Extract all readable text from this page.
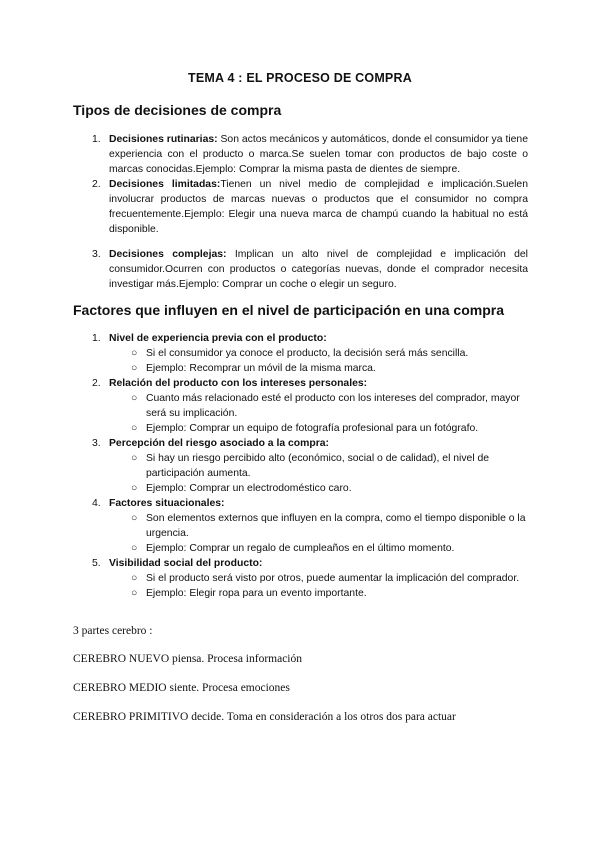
TEMA 4 : EL PROCESO DE COMPRA
Tipos de decisiones de compra
1. Decisiones rutinarias: Son actos mecánicos y automáticos, donde el consumidor ya tiene experiencia con el producto o marca.Se suelen tomar con productos de bajo coste o marcas conocidas.Ejemplo: Comprar la misma pasta de dientes de siempre.
2. Decisiones limitadas:Tienen un nivel medio de complejidad e implicación.Suelen involucrar productos de marcas nuevas o productos que el consumidor no compra frecuentemente.Ejemplo: Elegir una nueva marca de champú cuando la habitual no está disponible.
3. Decisiones complejas: Implican un alto nivel de complejidad e implicación del consumidor.Ocurren con productos o categorías nuevas, donde el comprador necesita investigar más.Ejemplo: Comprar un coche o elegir un seguro.
Factores que influyen en el nivel de participación en una compra
1. Nivel de experiencia previa con el producto:
○ Si el consumidor ya conoce el producto, la decisión será más sencilla.
○ Ejemplo: Recomprar un móvil de la misma marca.
2. Relación del producto con los intereses personales:
○ Cuanto más relacionado esté el producto con los intereses del comprador, mayor será su implicación.
○ Ejemplo: Comprar un equipo de fotografía profesional para un fotógrafo.
3. Percepción del riesgo asociado a la compra:
○ Si hay un riesgo percibido alto (económico, social o de calidad), el nivel de participación aumenta.
○ Ejemplo: Comprar un electrodoméstico caro.
4. Factores situacionales:
○ Son elementos externos que influyen en la compra, como el tiempo disponible o la urgencia.
○ Ejemplo: Comprar un regalo de cumpleaños en el último momento.
5. Visibilidad social del producto:
○ Si el producto será visto por otros, puede aumentar la implicación del comprador.
○ Ejemplo: Elegir ropa para un evento importante.
3 partes cerebro :
CEREBRO NUEVO piensa. Procesa información
CEREBRO MEDIO siente. Procesa emociones
CEREBRO PRIMITIVO decide. Toma en consideración a los otros dos para actuar
